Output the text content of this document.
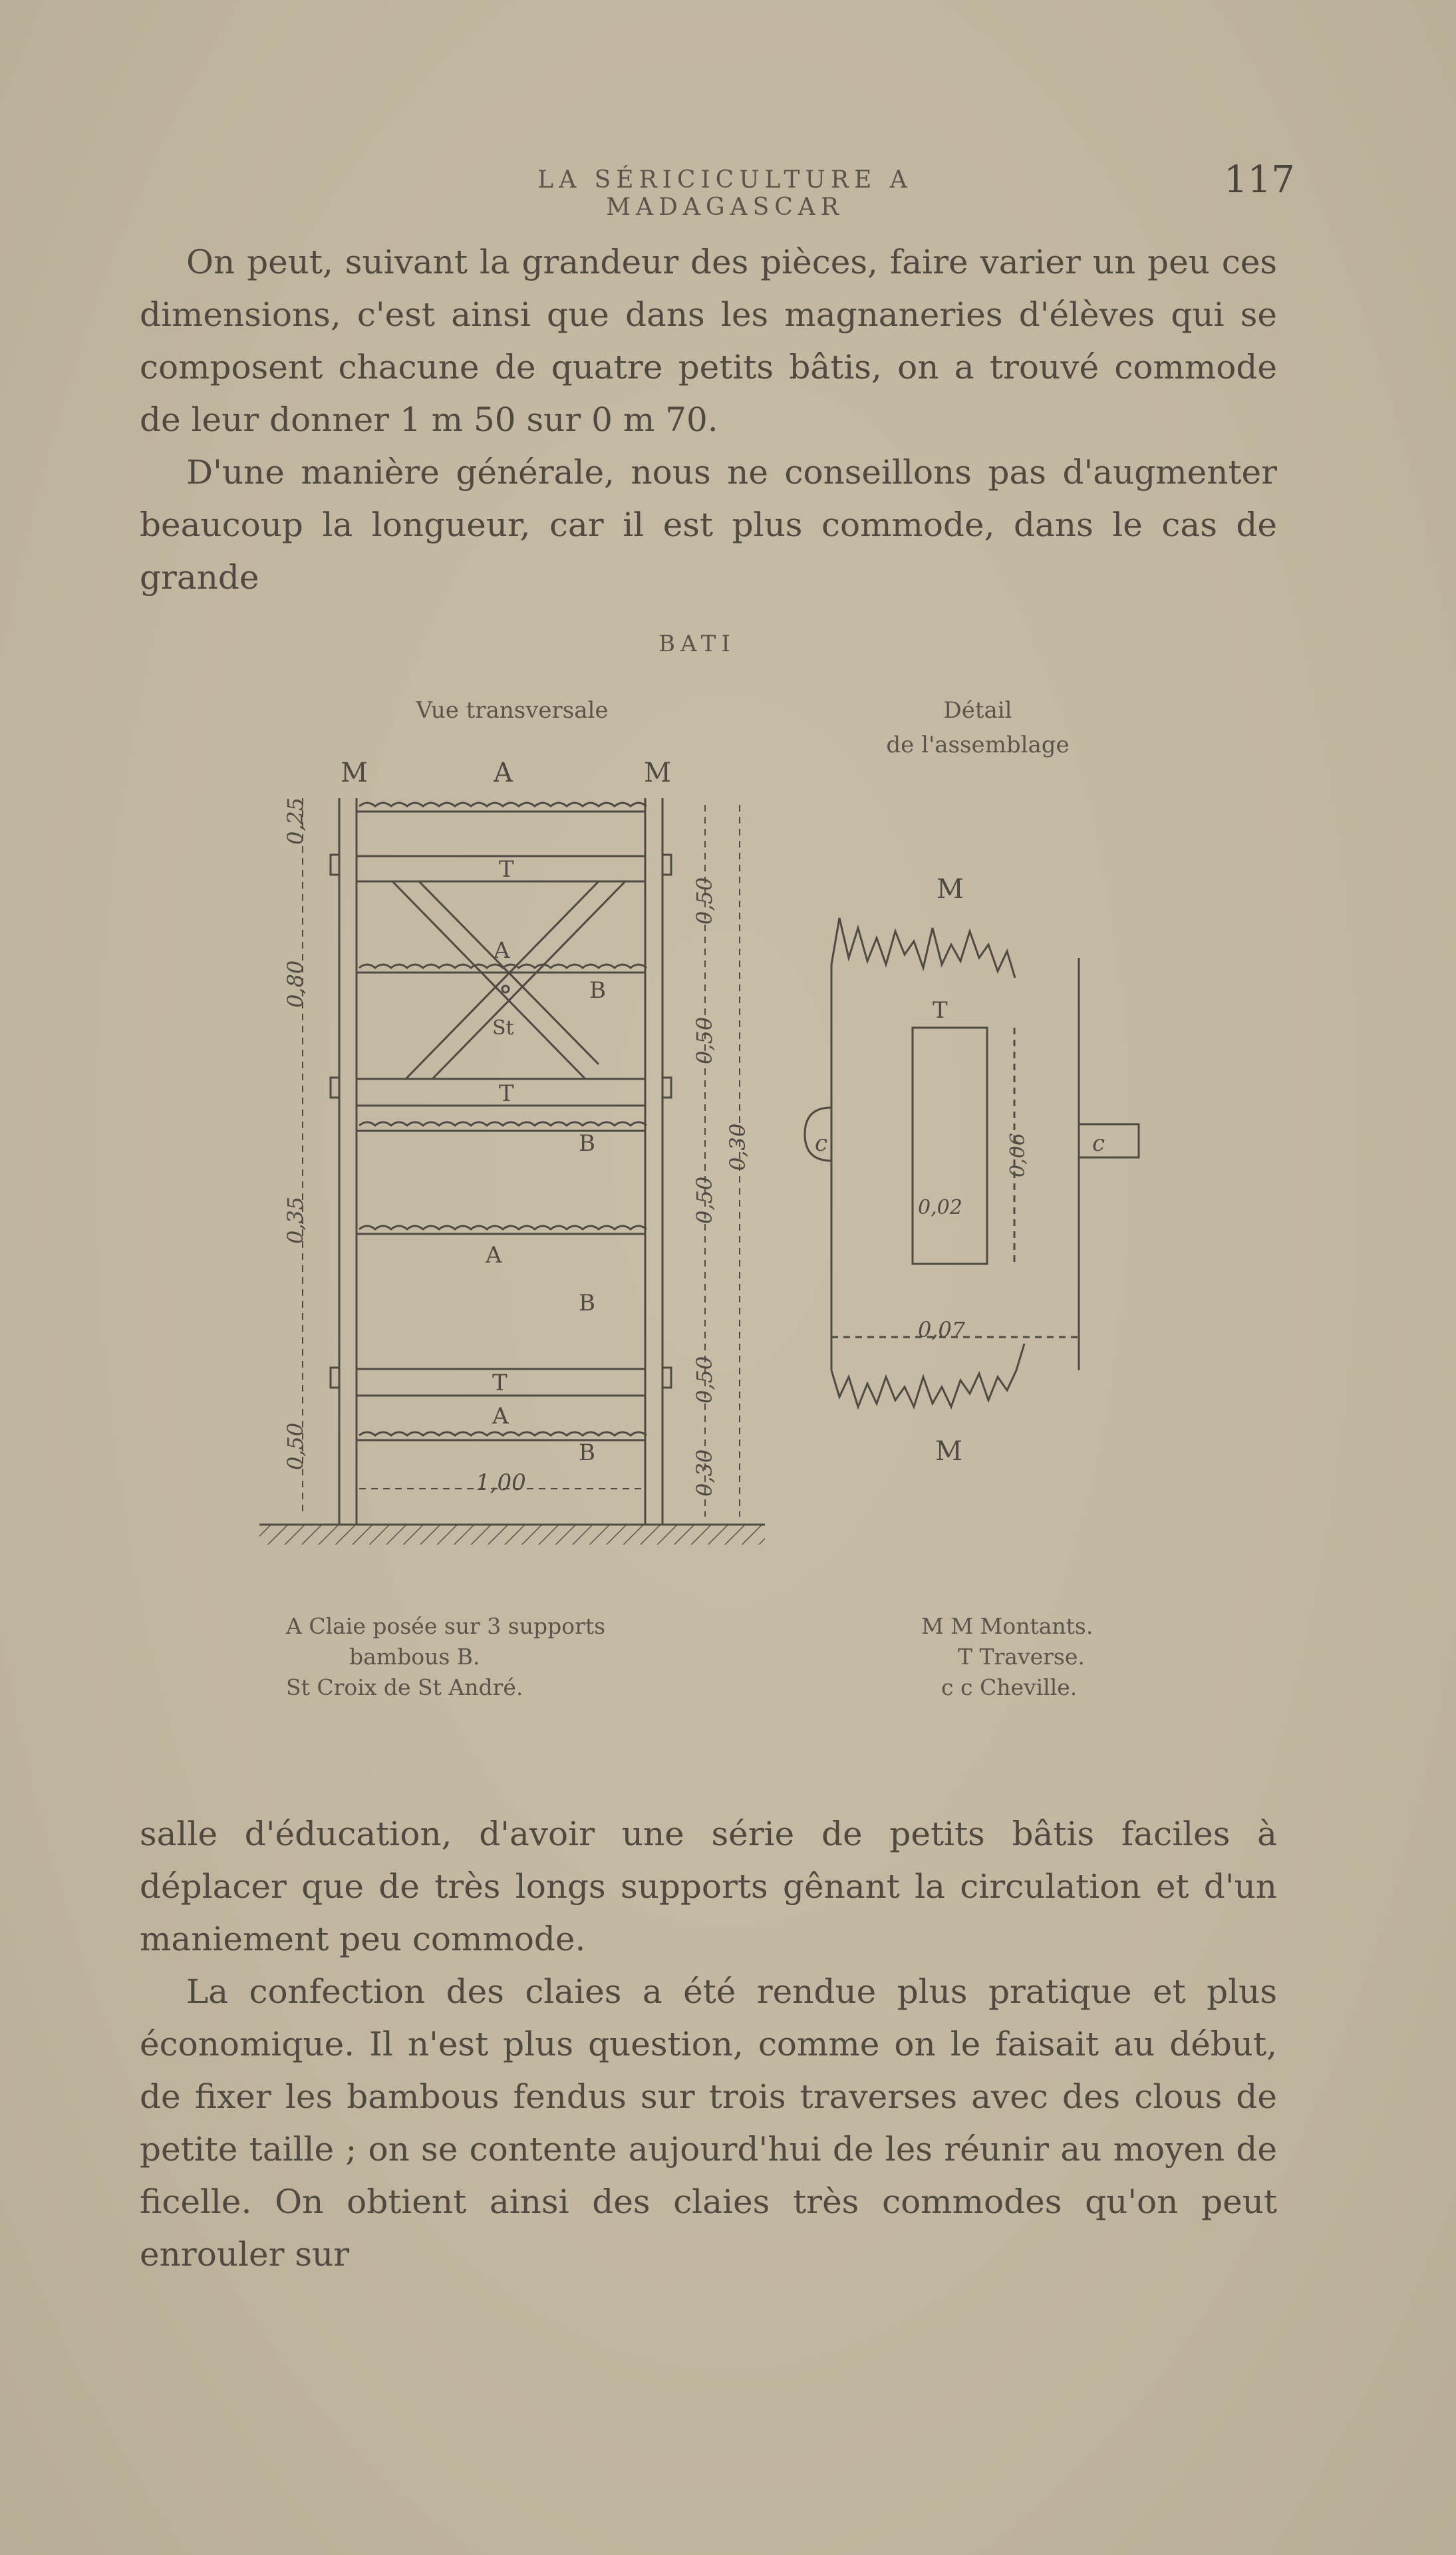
LA SÉRICICULTURE A MADAGASCAR
117

On peut, suivant la grandeur des pièces, faire varier un peu ces dimensions, c'est ainsi que dans les magnaneries d'élèves qui se composent chacune de quatre petits bâtis, on a trouvé commode de leur donner 1 m 50 sur 0 m 70.

D'une manière générale, nous ne conseillons pas d'augmenter beaucoup la longueur, car il est plus commode, dans le cas de grande

BATI
Vue transversale	Détail
de l'assemblage
M	A	M
T
A
B
St
T
B
A
B
T
A
B
0,25
0,80
0,35
0,50
0,50
0,50
0,50
0,50
0,30
0,30
1,00
M
T
c	c
M
0,02
0,07
0,06
A Claie posée sur 3 supports
bambous B.
St Croix de St André.
M M Montants.
T Traverse.
c c Cheville.

salle d'éducation, d'avoir une série de petits bâtis faciles à déplacer que de très longs supports gênant la circulation et d'un maniement peu commode.

La confection des claies a été rendue plus pratique et plus économique. Il n'est plus question, comme on le faisait au début, de fixer les bambous fendus sur trois traverses avec des clous de petite taille ; on se contente aujourd'hui de les réunir au moyen de ficelle. On obtient ainsi des claies très commodes qu'on peut enrouler sur
